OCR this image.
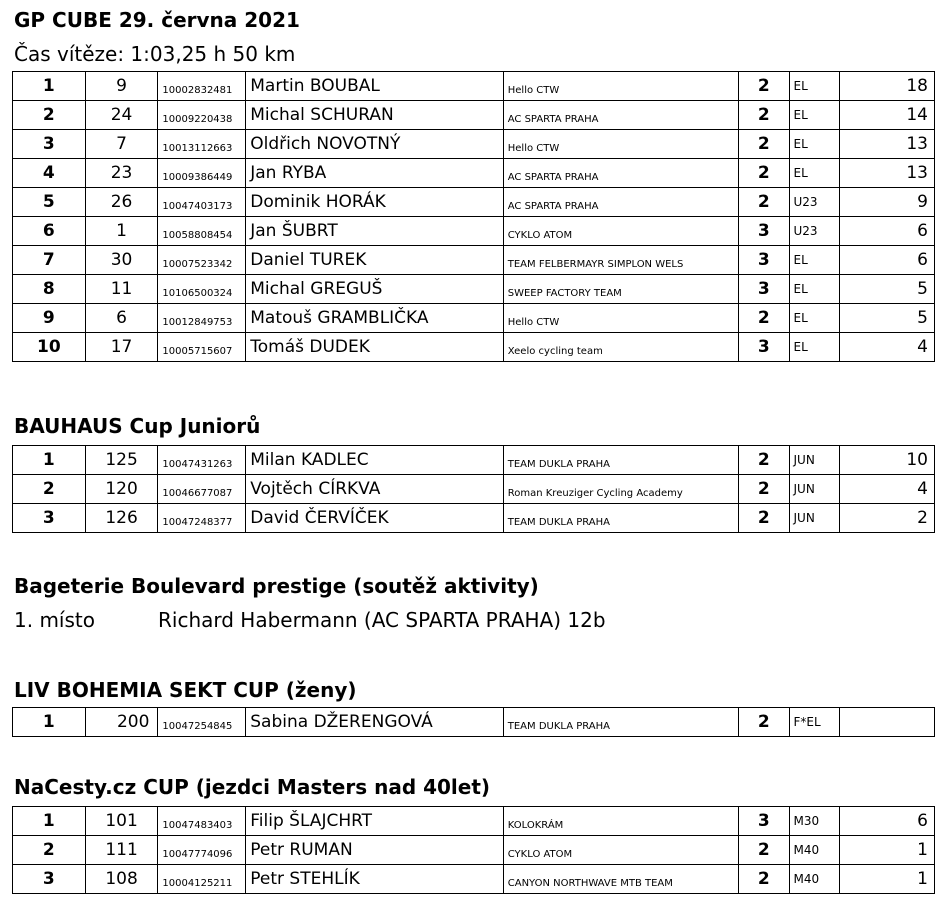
GP CUBE 29. června 2021
Čas vítěze: 1:03,25 h 50 km
1	9	10002832481	Martin BOUBAL	Hello CTW	2	EL	18
2	24	10009220438	Michal SCHURAN	AC SPARTA PRAHA	2	EL	14
3	7	10013112663	Oldřich NOVOTNÝ	Hello CTW	2	EL	13
4	23	10009386449	Jan RYBA	AC SPARTA PRAHA	2	EL	13
5	26	10047403173	Dominik HORÁK	AC SPARTA PRAHA	2	U23	9
6	1	10058808454	Jan ŠUBRT	CYKLO ATOM	3	U23	6
7	30	10007523342	Daniel TUREK	TEAM FELBERMAYR SIMPLON WELS	3	EL	6
8	11	10106500324	Michal GREGUŠ	SWEEP FACTORY TEAM	3	EL	5
9	6	10012849753	Matouš GRAMBLIČKA	Hello CTW	2	EL	5
10	17	10005715607	Tomáš DUDEK	Xeelo cycling team	3	EL	4
BAUHAUS Cup Juniorů
1	125	10047431263	Milan KADLEC	TEAM DUKLA PRAHA	2	JUN	10
2	120	10046677087	Vojtěch CÍRKVA	Roman Kreuziger Cycling Academy	2	JUN	4
3	126	10047248377	David ČERVÍČEK	TEAM DUKLA PRAHA	2	JUN	2
Bageterie Boulevard prestige (soutěž aktivity)
1. místo	Richard Habermann (AC SPARTA PRAHA) 12b
LIV BOHEMIA SEKT CUP (ženy)
1	200	10047254845	Sabina DŽERENGOVÁ	TEAM DUKLA PRAHA	2	F*EL	
NaCesty.cz CUP (jezdci Masters nad 40let)
1	101	10047483403	Filip ŠLAJCHRT	KOLOKRÁM	3	M30	6
2	111	10047774096	Petr RUMAN	CYKLO ATOM	2	M40	1
3	108	10004125211	Petr STEHLÍK	CANYON NORTHWAVE MTB TEAM	2	M40	1
